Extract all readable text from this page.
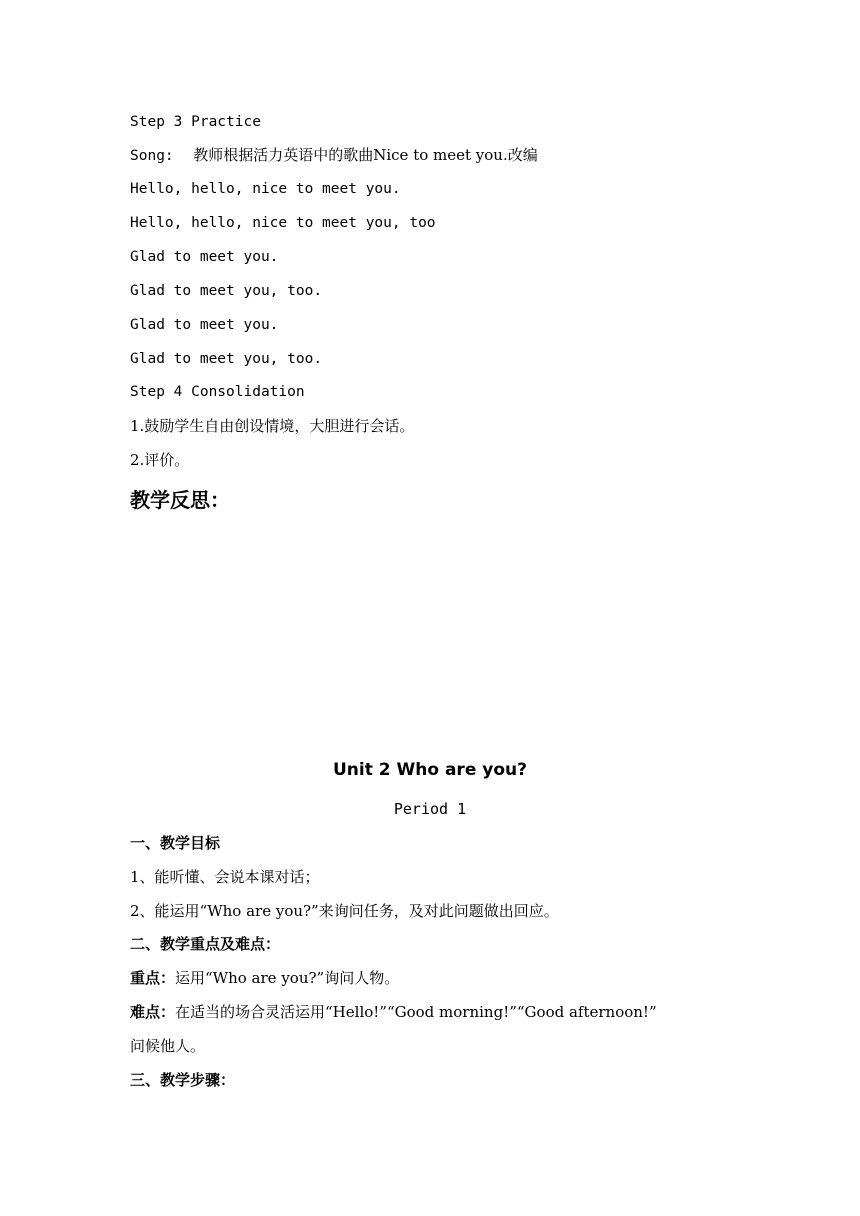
Step 3 Practice
Song: 教师根据活力英语中的歌曲Nice to meet you.改编
Hello, hello, nice to meet you.
Hello, hello, nice to meet you, too
Glad to meet you.
Glad to meet you, too.
Glad to meet you.
Glad to meet you, too.
Step 4 Consolidation
1.鼓励学生自由创设情境，大胆进行会话。
2.评价。
教学反思：
Unit 2 Who are you?
Period 1
一、教学目标
1、能听懂、会说本课对话；
2、能运用“Who are you?”来询问任务，及对此问题做出回应。
二、教学重点及难点：
重点：运用“Who are you?”询问人物。
难点：在适当的场合灵活运用“Hello!”“Good morning!”“Good afternoon!”
问候他人。
三、教学步骤：
